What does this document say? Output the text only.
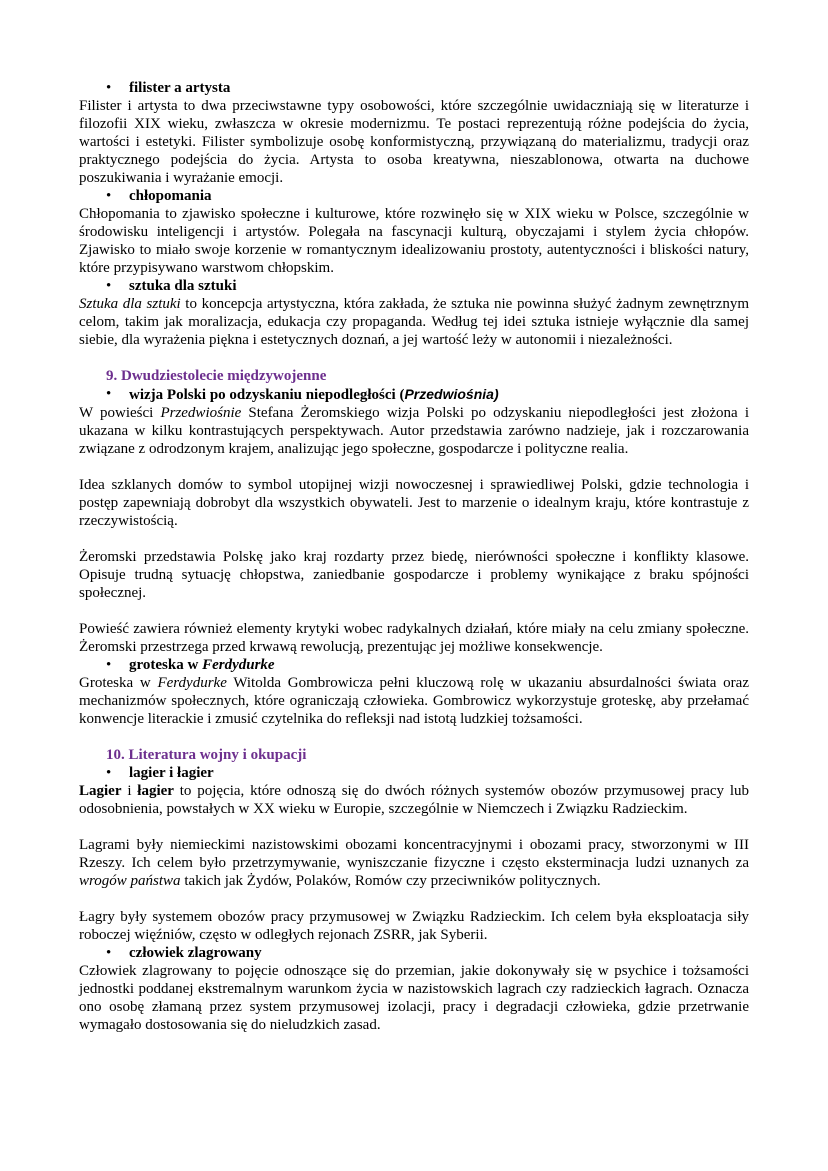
• filister a artysta

Filister i artysta to dwa przeciwstawne typy osobowości, które szczególnie uwidaczniają się w literaturze i filozofii XIX wieku, zwłaszcza w okresie modernizmu. Te postaci reprezentują różne podejścia do życia, wartości i estetyki. Filister symbolizuje osobę konformistyczną, przywiązaną do materializmu, tradycji oraz praktycznego podejścia do życia. Artysta to osoba kreatywna, nieszablonowa, otwarta na duchowe poszukiwania i wyrażanie emocji.

• chłopomania

Chłopomania to zjawisko społeczne i kulturowe, które rozwinęło się w XIX wieku w Polsce, szczególnie w środowisku inteligencji i artystów. Polegała na fascynacji kulturą, obyczajami i stylem życia chłopów. Zjawisko to miało swoje korzenie w romantycznym idealizowaniu prostoty, autentyczności i bliskości natury, które przypisywano warstwom chłopskim.

• sztuka dla sztuki

Sztuka dla sztuki to koncepcja artystyczna, która zakłada, że sztuka nie powinna służyć żadnym zewnętrznym celom, takim jak moralizacja, edukacja czy propaganda. Według tej idei sztuka istnieje wyłącznie dla samej siebie, dla wyrażenia piękna i estetycznych doznań, a jej wartość leży w autonomii i niezależności.

9. Dwudziestolecie międzywojenne
• wizja Polski po odzyskaniu niepodległości (Przedwiośnia)

W powieści Przedwiośnie Stefana Żeromskiego wizja Polski po odzyskaniu niepodległości jest złożona i ukazana w kilku kontrastujących perspektywach. Autor przedstawia zarówno nadzieje, jak i rozczarowania związane z odrodzonym krajem, analizując jego społeczne, gospodarcze i polityczne realia.

Idea szklanych domów to symbol utopijnej wizji nowoczesnej i sprawiedliwej Polski, gdzie technologia i postęp zapewniają dobrobyt dla wszystkich obywateli. Jest to marzenie o idealnym kraju, które kontrastuje z rzeczywistością.

Żeromski przedstawia Polskę jako kraj rozdarty przez biedę, nierówności społeczne i konflikty klasowe. Opisuje trudną sytuację chłopstwa, zaniedbanie gospodarcze i problemy wynikające z braku spójności społecznej.

Powieść zawiera również elementy krytyki wobec radykalnych działań, które miały na celu zmiany społeczne. Żeromski przestrzega przed krwawą rewolucją, prezentując jej możliwe konsekwencje.

• groteska w Ferdydurke

Groteska w Ferdydurke Witolda Gombrowicza pełni kluczową rolę w ukazaniu absurdalności świata oraz mechanizmów społecznych, które ograniczają człowieka. Gombrowicz wykorzystuje groteskę, aby przełamać konwencje literackie i zmusić czytelnika do refleksji nad istotą ludzkiej tożsamości.

10. Literatura wojny i okupacji
• lagier i łagier

Lagier i łagier to pojęcia, które odnoszą się do dwóch różnych systemów obozów przymusowej pracy lub odosobnienia, powstałych w XX wieku w Europie, szczególnie w Niemczech i Związku Radzieckim.

Lagrami były niemieckimi nazistowskimi obozami koncentracyjnymi i obozami pracy, stworzonymi w III Rzeszy. Ich celem było przetrzymywanie, wyniszczanie fizyczne i często eksterminacja ludzi uznanych za wrogów państwa takich jak Żydów, Polaków, Romów czy przeciwników politycznych.

Łagry były systemem obozów pracy przymusowej w Związku Radzieckim. Ich celem była eksploatacja siły roboczej więźniów, często w odległych rejonach ZSRR, jak Syberii.

• człowiek zlagrowany

Człowiek zlagrowany to pojęcie odnoszące się do przemian, jakie dokonywały się w psychice i tożsamości jednostki poddanej ekstremalnym warunkom życia w nazistowskich lagrach czy radzieckich łagrach. Oznacza ono osobę złamaną przez system przymusowej izolacji, pracy i degradacji człowieka, gdzie przetrwanie wymagało dostosowania się do nieludzkich zasad.
